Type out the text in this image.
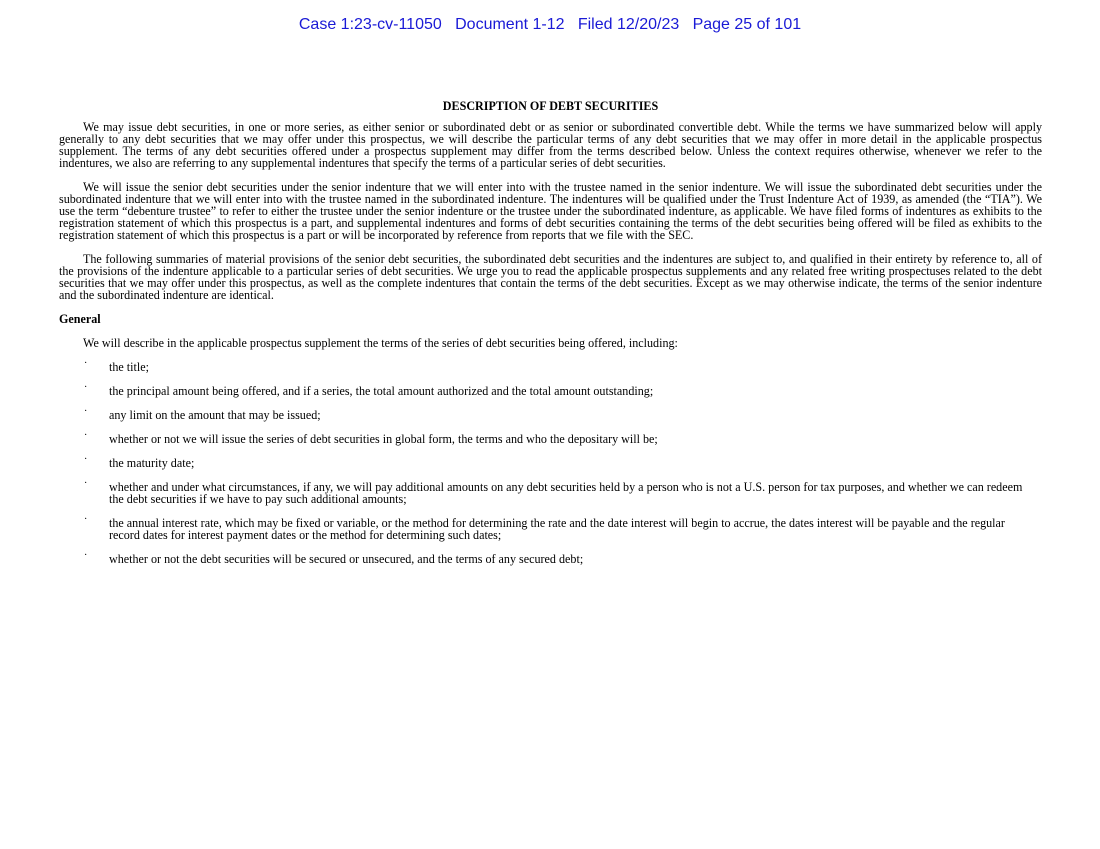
Case 1:23-cv-11050   Document 1-12   Filed 12/20/23   Page 25 of 101
DESCRIPTION OF DEBT SECURITIES

We may issue debt securities, in one or more series, as either senior or subordinated debt or as senior or subordinated convertible debt. While the terms we have summarized below will apply generally to any debt securities that we may offer under this prospectus, we will describe the particular terms of any debt securities that we may offer in more detail in the applicable prospectus supplement. The terms of any debt securities offered under a prospectus supplement may differ from the terms described below. Unless the context requires otherwise, whenever we refer to the indentures, we also are referring to any supplemental indentures that specify the terms of a particular series of debt securities.

We will issue the senior debt securities under the senior indenture that we will enter into with the trustee named in the senior indenture. We will issue the subordinated debt securities under the subordinated indenture that we will enter into with the trustee named in the subordinated indenture. The indentures will be qualified under the Trust Indenture Act of 1939, as amended (the “TIA”). We use the term “debenture trustee” to refer to either the trustee under the senior indenture or the trustee under the subordinated indenture, as applicable. We have filed forms of indentures as exhibits to the registration statement of which this prospectus is a part, and supplemental indentures and forms of debt securities containing the terms of the debt securities being offered will be filed as exhibits to the registration statement of which this prospectus is a part or will be incorporated by reference from reports that we file with the SEC.

The following summaries of material provisions of the senior debt securities, the subordinated debt securities and the indentures are subject to, and qualified in their entirety by reference to, all of the provisions of the indenture applicable to a particular series of debt securities. We urge you to read the applicable prospectus supplements and any related free writing prospectuses related to the debt securities that we may offer under this prospectus, as well as the complete indentures that contain the terms of the debt securities. Except as we may otherwise indicate, the terms of the senior indenture and the subordinated indenture are identical.

General
We will describe in the applicable prospectus supplement the terms of the series of debt securities being offered, including:
· the title;
· the principal amount being offered, and if a series, the total amount authorized and the total amount outstanding;
· any limit on the amount that may be issued;
· whether or not we will issue the series of debt securities in global form, the terms and who the depositary will be;
· the maturity date;
· whether and under what circumstances, if any, we will pay additional amounts on any debt securities held by a person who is not a U.S. person for tax purposes, and whether we can redeem the debt securities if we have to pay such additional amounts;
· the annual interest rate, which may be fixed or variable, or the method for determining the rate and the date interest will begin to accrue, the dates interest will be payable and the regular record dates for interest payment dates or the method for determining such dates;
· whether or not the debt securities will be secured or unsecured, and the terms of any secured debt;
